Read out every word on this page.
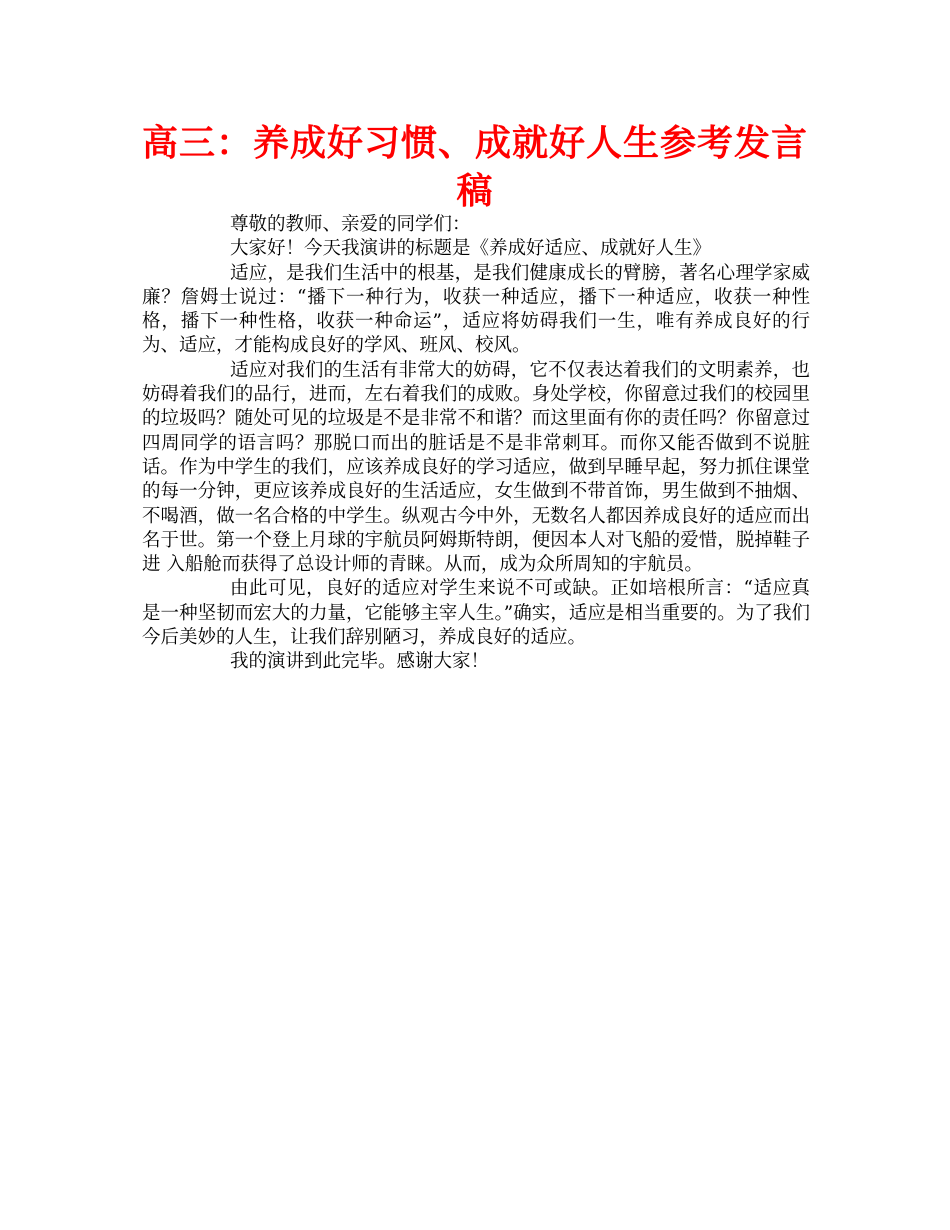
高三：养成好习惯、成就好人生参考发言稿

尊敬的教师、亲爱的同学们：

大家好！今天我演讲的标题是《养成好适应、成就好人生》

适应，是我们生活中的根基，是我们健康成长的臂膀，著名心理学家威廉？詹姆士说过：“播下一种行为，收获一种适应，播下一种适应，收获一种性格，播下一种性格，收获一种命运”，适应将妨碍我们一生，唯有养成良好的行为、适应，才能构成良好的学风、班风、校风。

适应对我们的生活有非常大的妨碍，它不仅表达着我们的文明素养，也妨碍着我们的品行，进而，左右着我们的成败。身处学校，你留意过我们的校园里的垃圾吗？随处可见的垃圾是不是非常不和谐？而这里面有你的责任吗？你留意过四周同学的语言吗？那脱口而出的脏话是不是非常刺耳。而你又能否做到不说脏话。作为中学生的我们，应该养成良好的学习适应，做到早睡早起，努力抓住课堂的每一分钟，更应该养成良好的生活适应，女生做到不带首饰，男生做到不抽烟、不喝酒，做一名合格的中学生。纵观古今中外，无数名人都因养成良好的适应而出名于世。第一个登上月球的宇航员阿姆斯特朗，便因本人对飞船的爱惜，脱掉鞋子进 入船舱而获得了总设计师的青睐。从而，成为众所周知的宇航员。

由此可见，良好的适应对学生来说不可或缺。正如培根所言：“适应真是一种坚韧而宏大的力量，它能够主宰人生。”确实，适应是相当重要的。为了我们今后美妙的人生，让我们辞别陋习，养成良好的适应。

我的演讲到此完毕。感谢大家！
